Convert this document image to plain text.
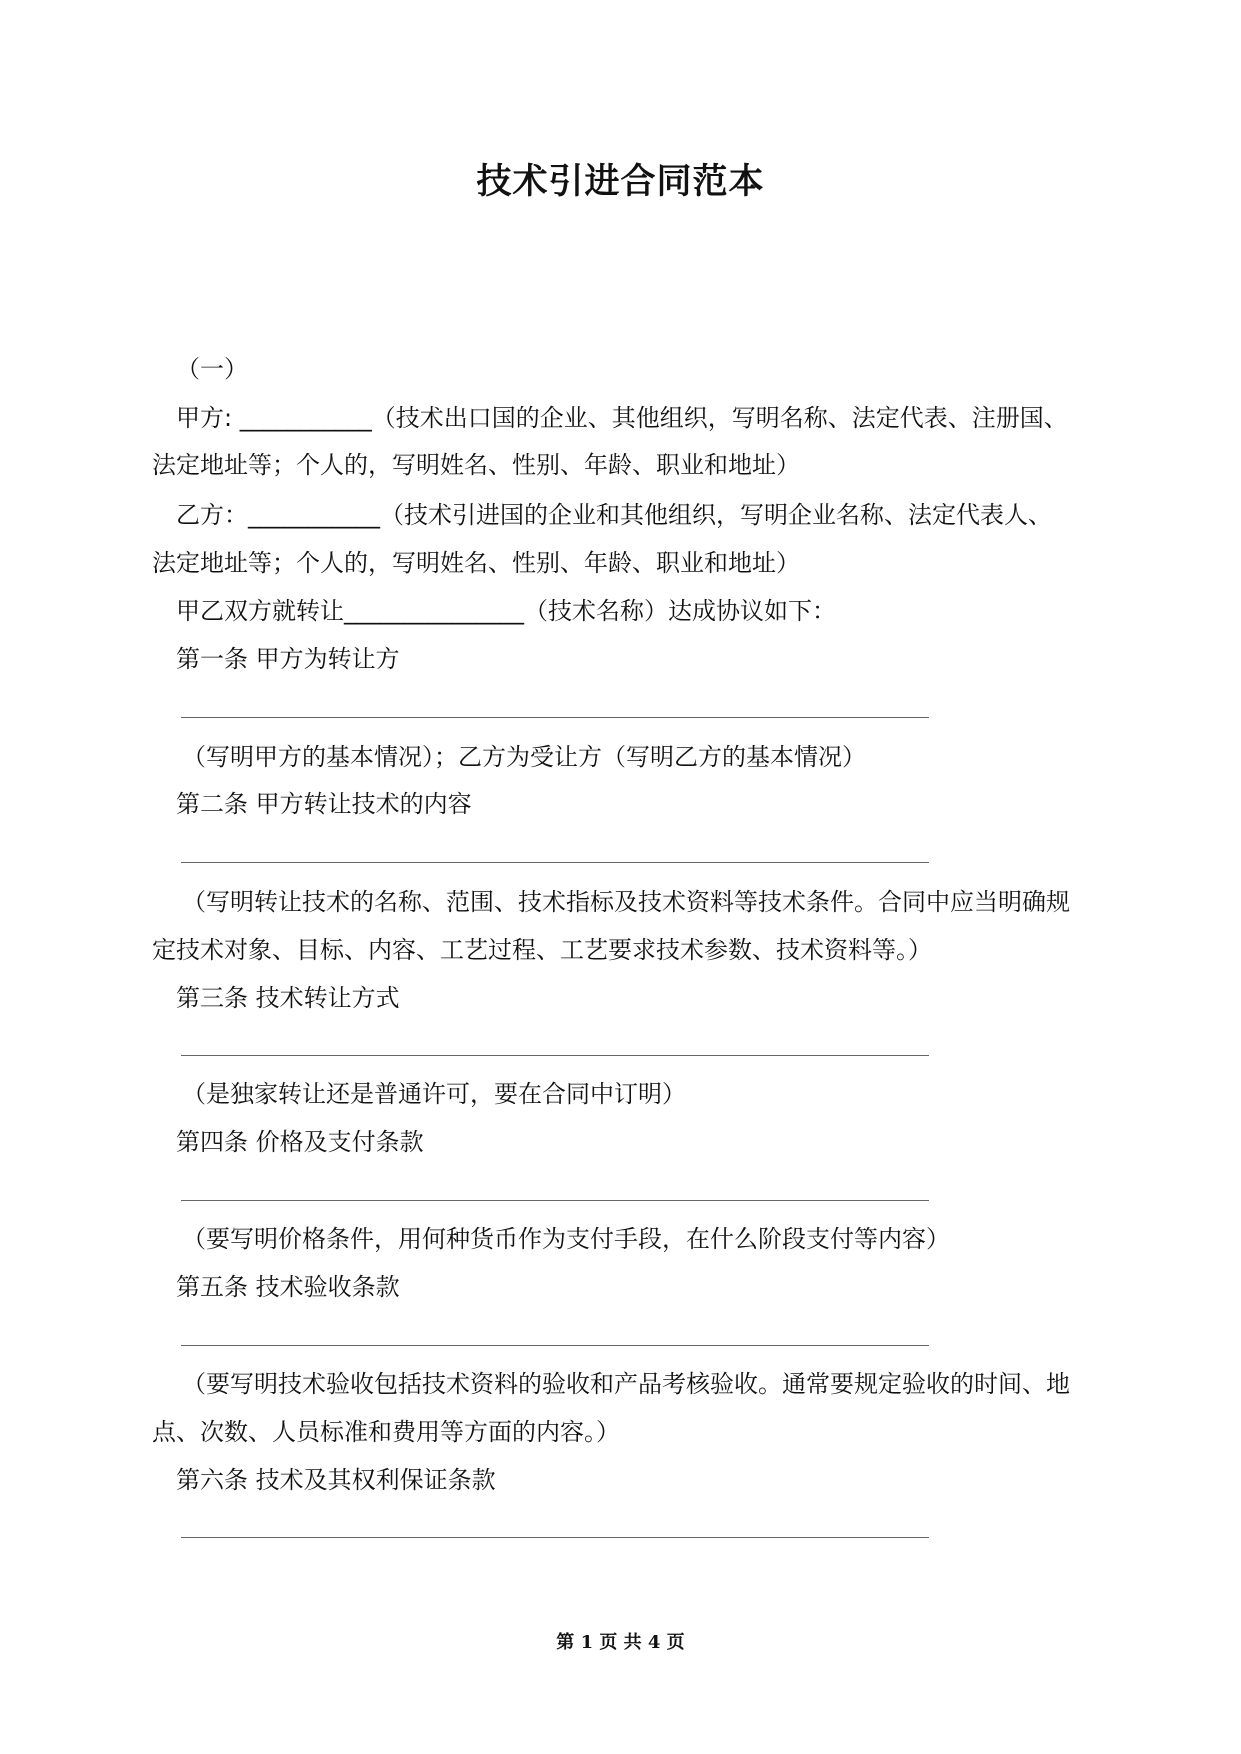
技术引进合同范本

（一）

甲方: ___________（技术出口国的企业、其他组织，写明名称、法定代表、注册国、

法定地址等；个人的，写明姓名、性别、年龄、职业和地址）

乙方：___________（技术引进国的企业和其他组织，写明企业名称、法定代表人、

法定地址等；个人的，写明姓名、性别、年龄、职业和地址）

甲乙双方就转让_______________（技术名称）达成协议如下：

第一条 甲方为转让方

（写明甲方的基本情况）；乙方为受让方（写明乙方的基本情况）

第二条 甲方转让技术的内容

（写明转让技术的名称、范围、技术指标及技术资料等技术条件。合同中应当明确规

定技术对象、目标、内容、工艺过程、工艺要求技术参数、技术资料等。）

第三条 技术转让方式

（是独家转让还是普通许可，要在合同中订明）

第四条 价格及支付条款

（要写明价格条件，用何种货币作为支付手段，在什么阶段支付等内容）

第五条 技术验收条款

（要写明技术验收包括技术资料的验收和产品考核验收。通常要规定验收的时间、地

点、次数、人员标准和费用等方面的内容。）

第六条 技术及其权利保证条款

第 1 页 共 4 页
